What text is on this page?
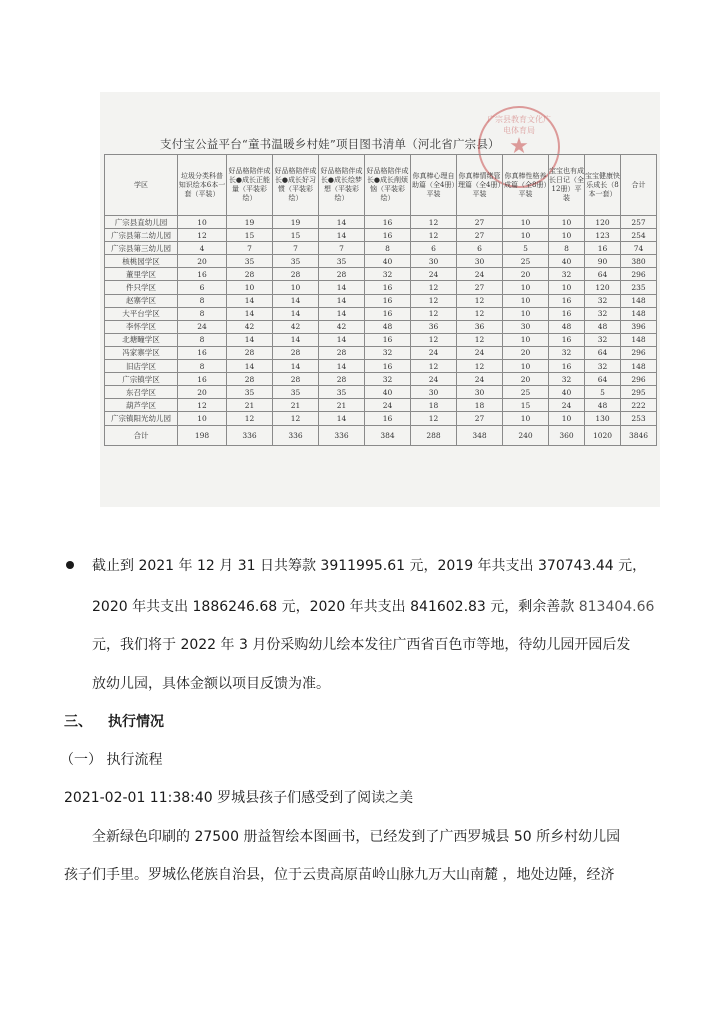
支付宝公益平台“童书温暖乡村娃”项目图书清单（河北省广宗县）
广宗县教育文化广电体育局
★
学区	垃圾分类科普知识绘本6本一套（平装）	好品格陪伴成长●成长正能量（平装彩绘）	好品格陪伴成长●成长好习惯（平装彩绘）	好品格陪伴成长●成长绘梦想（平装彩绘）	好品格陪伴成长●成长削烦恼（平装彩绘）	你真棒心理自助篇（全4册）平装	你真棒情绪管理篇（全4册）平装	你真棒性格养成篇（全8册）平装	宝宝也有成长日记（全12册）平装	宝宝健康快乐成长（8本一套）	合计
广宗县直幼儿园	10	19	19	14	16	12	27	10	10	120	257
广宗县第二幼儿园	12	15	15	14	16	12	27	10	10	123	254
广宗县第三幼儿园	4	7	7	7	8	6	6	5	8	16	74
核桃园学区	20	35	35	35	40	30	30	25	40	90	380
董里学区	16	28	28	28	32	24	24	20	32	64	296
件只学区	6	10	10	14	16	12	27	10	10	120	235
赵寨学区	8	14	14	14	16	12	12	10	16	32	148
大平台学区	8	14	14	14	16	12	12	10	16	32	148
李怀学区	24	42	42	42	48	36	36	30	48	48	396
北塘疃学区	8	14	14	14	16	12	12	10	16	32	148
冯家寨学区	16	28	28	28	32	24	24	20	32	64	296
旧店学区	8	14	14	14	16	12	12	10	16	32	148
广宗镇学区	16	28	28	28	32	24	24	20	32	64	296
东召学区	20	35	35	35	40	30	30	25	40	5	295
葫芦学区	12	21	21	21	24	18	18	15	24	48	222
广宗镇阳光幼儿园	10	12	12	14	16	12	27	10	10	130	253
合计	198	336	336	336	384	288	348	240	360	1020	3846
截止到 2021 年 12 月 31 日共筹款 3911995.61 元，2019 年共支出 370743.44 元，
2020 年共支出 1886246.68 元，2020 年共支出 841602.83 元，剩余善款 813404.66
元，我们将于 2022 年 3 月份采购幼儿绘本发往广西省百色市等地，待幼儿园开园后发
放幼儿园，具体金额以项目反馈为准。
三、 执行情况
（一） 执行流程
2021-02-01 11:38:40 罗城县孩子们感受到了阅读之美
全新绿色印刷的 27500 册益智绘本图画书，已经发到了广西罗城县 50 所乡村幼儿园
孩子们手里。罗城仫佬族自治县，位于云贵高原苗岭山脉九万大山南麓 ，地处边陲，经济
